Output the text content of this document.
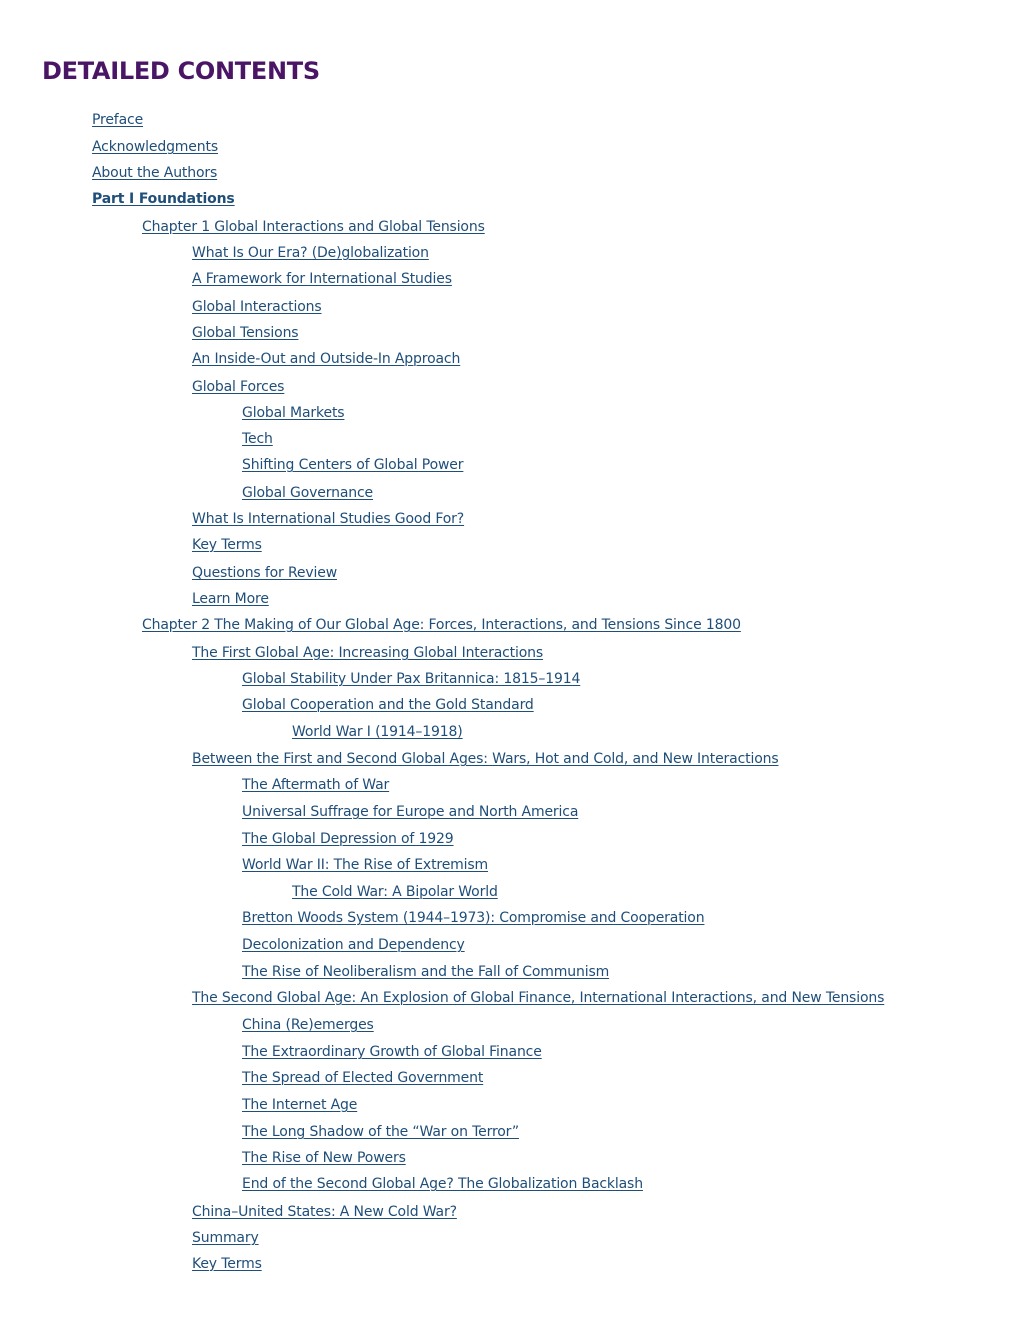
DETAILED CONTENTS
Preface
Acknowledgments
About the Authors
Part I Foundations
Chapter 1 Global Interactions and Global Tensions
What Is Our Era? (De)globalization
A Framework for International Studies
Global Interactions
Global Tensions
An Inside-Out and Outside-In Approach
Global Forces
Global Markets
Tech
Shifting Centers of Global Power
Global Governance
What Is International Studies Good For?
Key Terms
Questions for Review
Learn More
Chapter 2 The Making of Our Global Age: Forces, Interactions, and Tensions Since 1800
The First Global Age: Increasing Global Interactions
Global Stability Under Pax Britannica: 1815–1914
Global Cooperation and the Gold Standard
World War I (1914–1918)
Between the First and Second Global Ages: Wars, Hot and Cold, and New Interactions
The Aftermath of War
Universal Suffrage for Europe and North America
The Global Depression of 1929
World War II: The Rise of Extremism
The Cold War: A Bipolar World
Bretton Woods System (1944–1973): Compromise and Cooperation
Decolonization and Dependency
The Rise of Neoliberalism and the Fall of Communism
The Second Global Age: An Explosion of Global Finance, International Interactions, and New Tensions
China (Re)emerges
The Extraordinary Growth of Global Finance
The Spread of Elected Government
The Internet Age
The Long Shadow of the “War on Terror”
The Rise of New Powers
End of the Second Global Age? The Globalization Backlash
China–United States: A New Cold War?
Summary
Key Terms
